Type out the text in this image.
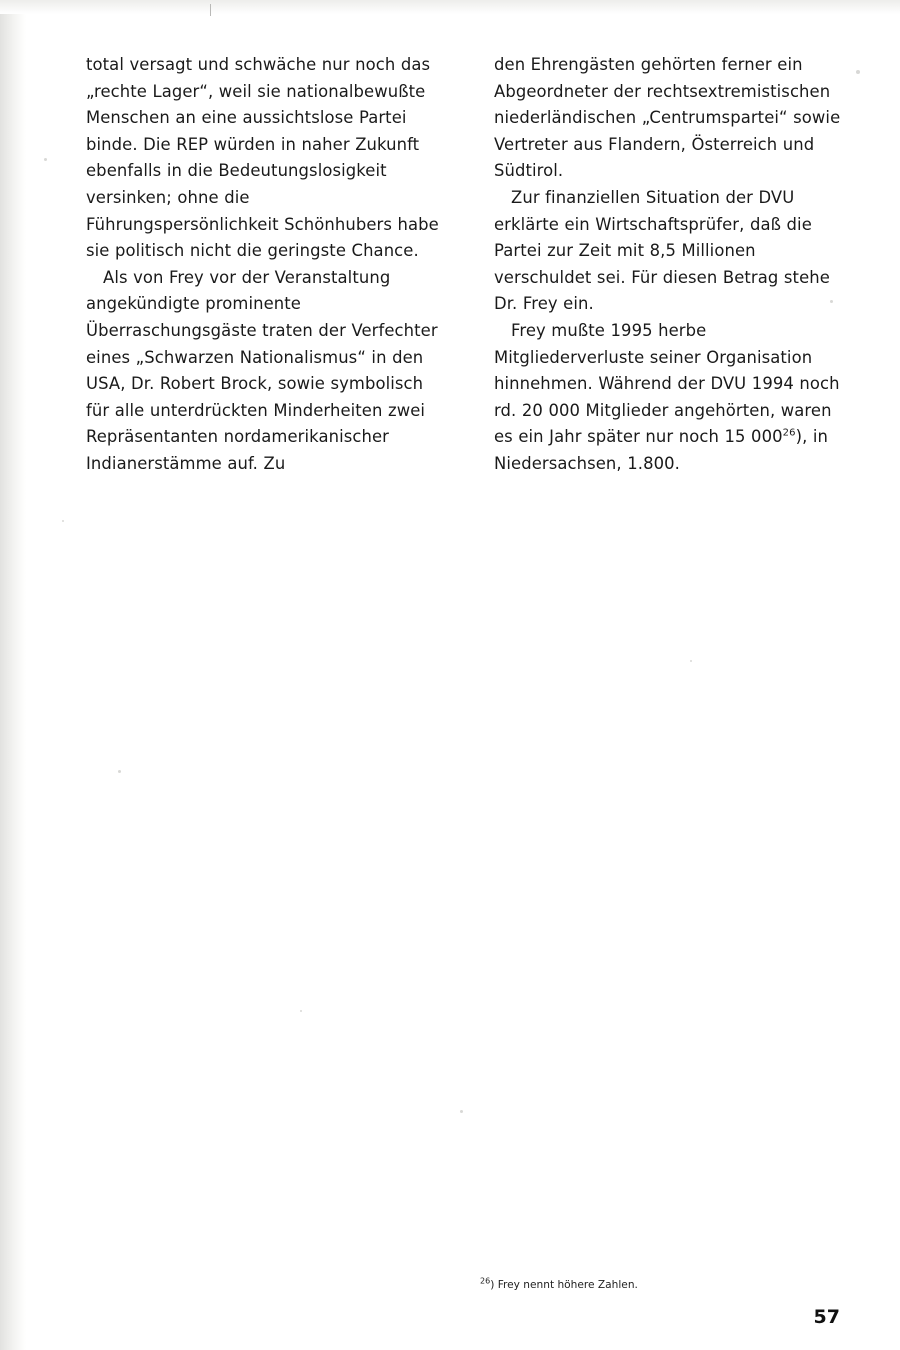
total versagt und schwäche nur noch das „rechte Lager“, weil sie nationalbewußte Menschen an eine aussichtslose Partei binde. Die REP würden in naher Zukunft ebenfalls in die Bedeutungslosigkeit versinken; ohne die Führungspersönlichkeit Schönhubers habe sie politisch nicht die geringste Chance.

Als von Frey vor der Veranstaltung angekündigte prominente Überraschungsgäste traten der Verfechter eines „Schwarzen Nationalismus“ in den USA, Dr. Robert Brock, sowie symbolisch für alle unterdrückten Minderheiten zwei Repräsentanten nordamerikanischer Indianerstämme auf. Zu

den Ehrengästen gehörten ferner ein Abgeordneter der rechtsextremistischen niederländischen „Centrumspartei“ sowie Vertreter aus Flandern, Österreich und Südtirol.

Zur finanziellen Situation der DVU erklärte ein Wirtschaftsprüfer, daß die Partei zur Zeit mit 8,5 Millionen verschuldet sei. Für diesen Betrag stehe Dr. Frey ein.

Frey mußte 1995 herbe Mitgliederverluste seiner Organisation hinnehmen. Während der DVU 1994 noch rd. 20 000 Mitglieder angehörten, waren es ein Jahr später nur noch 15 000$^{26}$), in Niedersachsen, 1.800.

$^{26}$) Frey nennt höhere Zahlen.
57
